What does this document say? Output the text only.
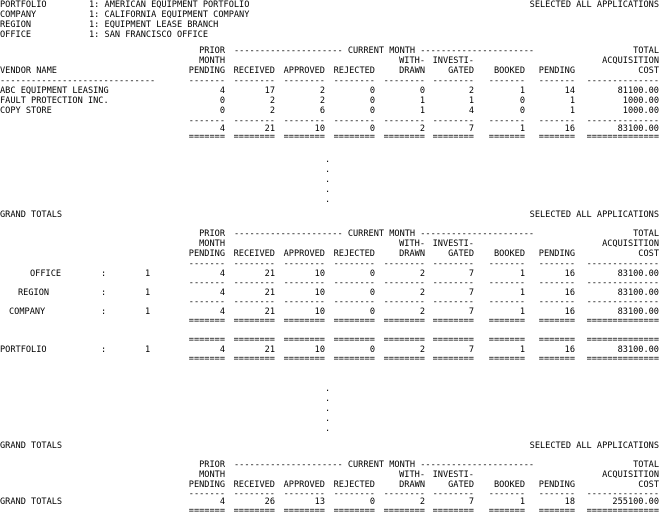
PORTFOLIO	1: AMERICAN EQUIPMENT PORTFOLIO
COMPANY	1: CALIFORNIA EQUIPMENT COMPANY
REGION	1: EQUIPMENT LEASE BRANCH
OFFICE	1: SAN FRANCISCO OFFICE
SELECTED ALL APPLICATIONS
PRIOR
MONTH
PENDING
--------------------- CURRENT MONTH ----------------------
RECEIVED APPROVED REJECTED
WITH-
DRAWN
INVESTI-
GATED BOOKED PENDING
TOTAL
ACQUISITION
COST
VENDOR NAME
------------------------------	------- -------- -------- -------- -------- -------- ------- ------- --------------
ABC EQUIPMENT LEASING	4	17	2	0	0	2	1	14	81100.00
FAULT PROTECTION INC.	0	2	2	0	1	1	0	1	1000.00
COPY STORE	0	2	6	0	1	4	0	1	1000.00
------- -------- -------- -------- -------- -------- ------- ------- --------------
4	21	10	0	2	7	1	16	83100.00
======= ======== ======== ======== ======== ======== ======= ======= ==============
.
.
.
.
.
GRAND TOTALS	SELECTED ALL APPLICATIONS
PRIOR
MONTH
PENDING
--------------------- CURRENT MONTH ----------------------
RECEIVED APPROVED REJECTED
WITH-
DRAWN
INVESTI-
GATED BOOKED PENDING
TOTAL
ACQUISITION
COST
------- -------- -------- -------- -------- -------- ------- ------- --------------
OFFICE	:	1	4	21	10	0	2	7	1	16	83100.00
REGION	:	1	4	21	10	0	2	7	1	16	83100.00
COMPANY	:	1	4	21	10	0	2	7	1	16	83100.00
PORTFOLIO	:	1	4	21	10	0	2	7	1	16	83100.00
------- -------- -------- -------- -------- -------- ------- ------- --------------
------- -------- -------- -------- -------- -------- ------- ------- --------------
======= ======== ======== ======== ======== ======== ======= ======= ==============
======= ======== ======== ======== ======== ======== ======= ======= ==============
======= ======== ======== ======== ======== ======== ======= ======= ==============
.
.
.
.
.
GRAND TOTALS	SELECTED ALL APPLICATIONS
PRIOR
MONTH
PENDING
--------------------- CURRENT MONTH ----------------------
RECEIVED APPROVED REJECTED
WITH-
DRAWN
INVESTI-
GATED BOOKED PENDING
TOTAL
ACQUISITION
COST
------- -------- -------- -------- -------- -------- ------- ------- --------------
GRAND TOTALS	4	26	13	0	2	7	1	18	255100.00
======= ======== ======== ======== ======== ======== ======= ======= ==============
